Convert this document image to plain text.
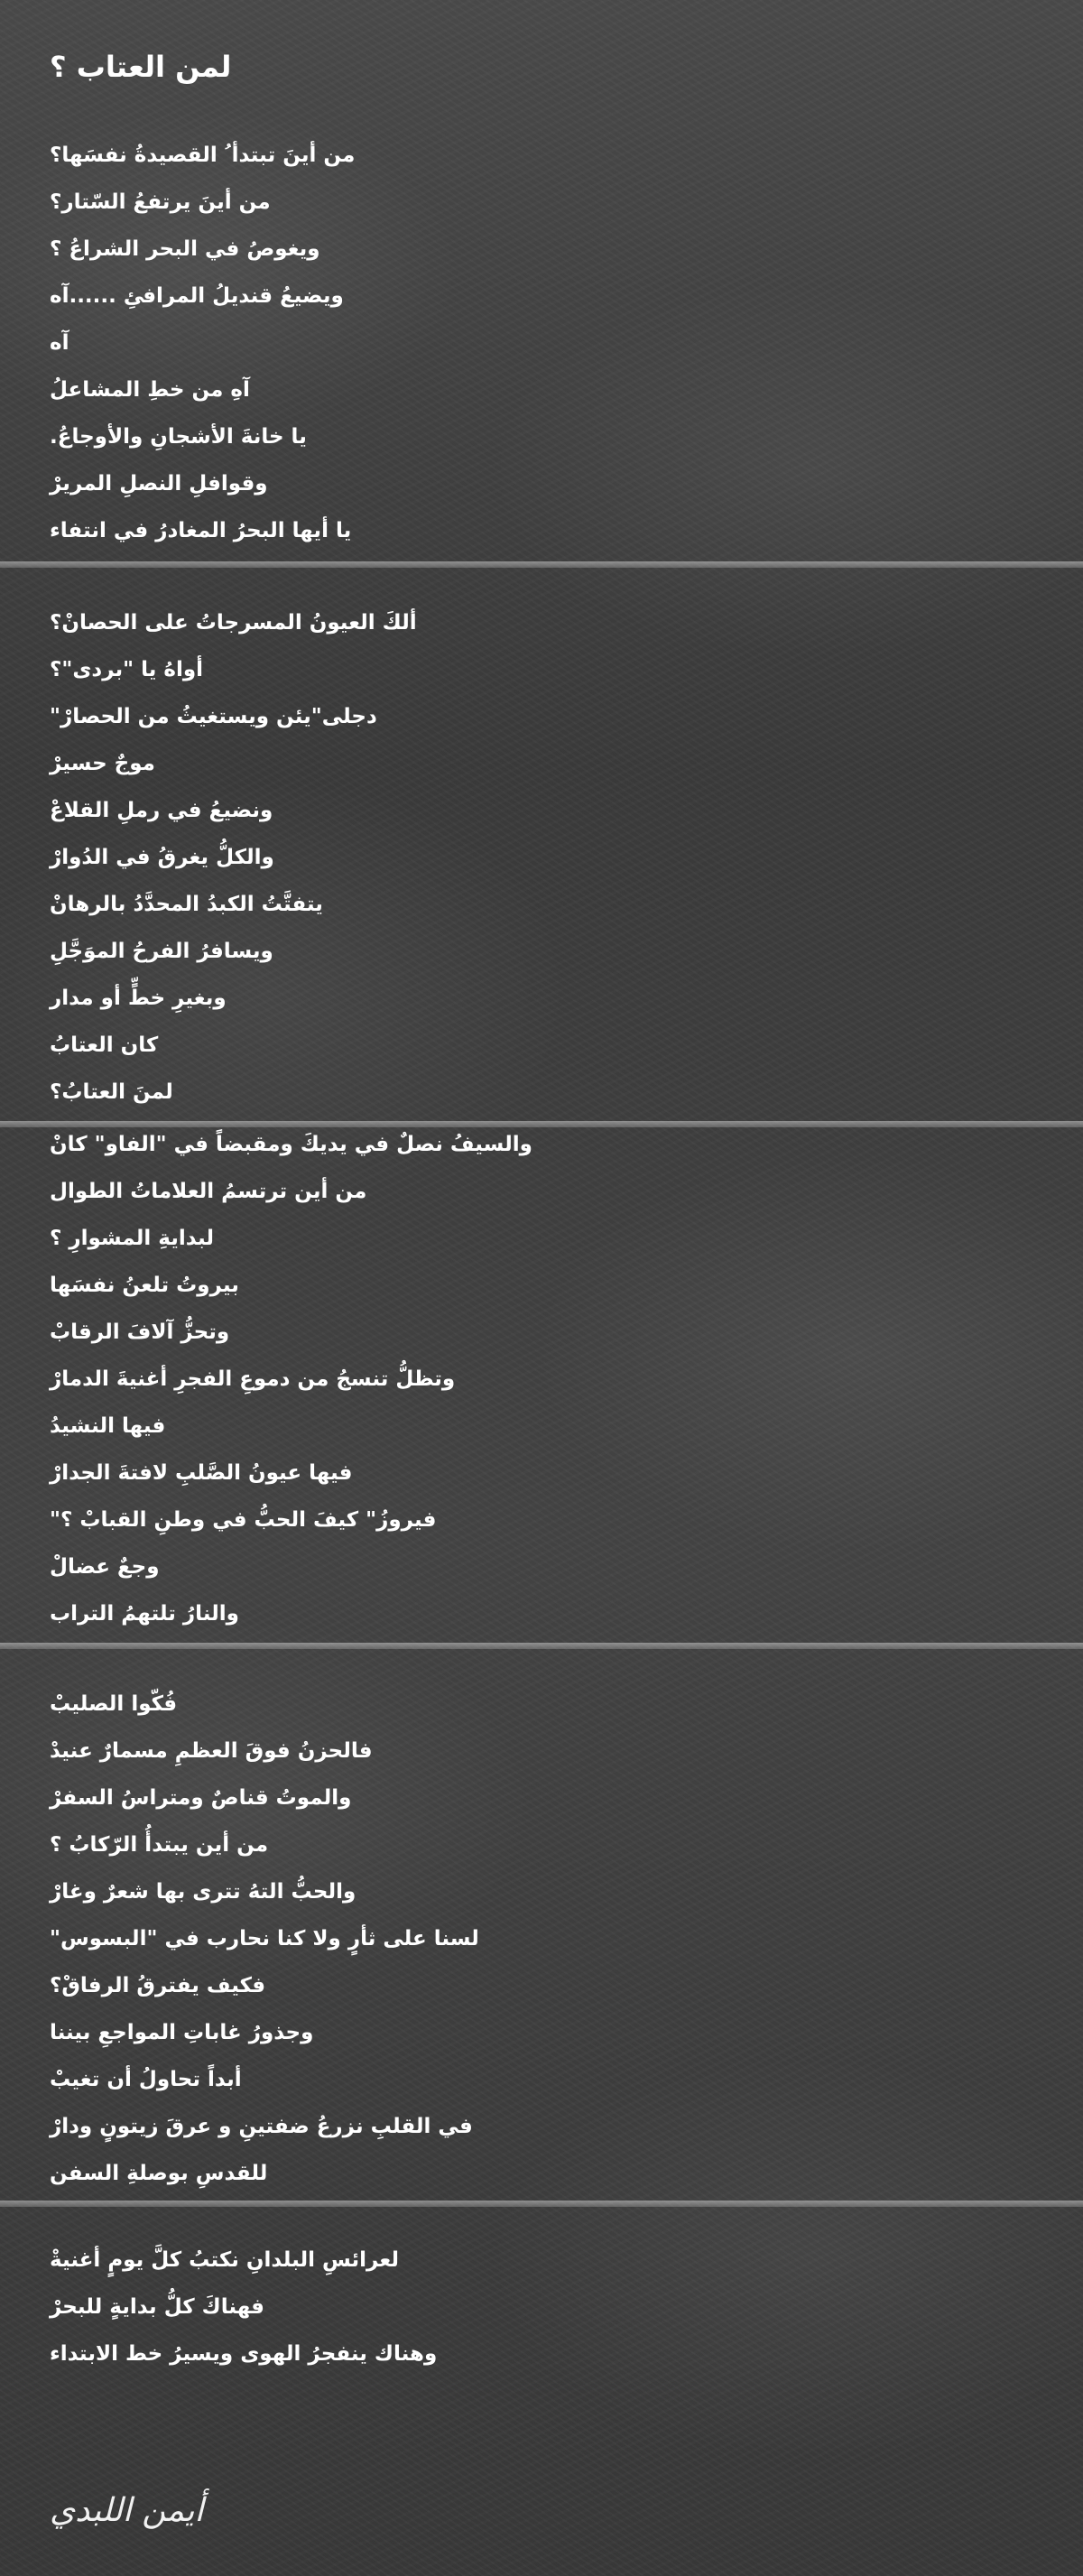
لمن العتاب ؟
من أينَ تبتدأ ُ القصيدةُ نفسَها؟
من أينَ يرتفعُ السّتار؟
ويغوصُ في البحر الشراعُ ؟
ويضيعُ قنديلُ المرافئِ ......آه
آه
آهِ من خطِ المشاعلُ
يا خانةَ الأشجانِ والأوجاعُ.
وقوافلِ النصلِ المريرْ
يا أيها البحرُ المغادرُ في انتفاء
ألكَ العيونُ المسرجاتُ على الحصانْ؟
أواهُ يا "بردى"؟
دجلى"يئن ويستغيثُ من الحصارْ"
موجٌ حسيرْ
ونضيعُ في رملِ القلاعْ
والكلُّ يغرقُ في الدُوارْ
يتفتَّتُ الكبدُ المحدَّدُ بالرهانْ
ويسافرُ الفرحُ الموَجَّلِ
وبغيرِ خطٍّ أو مدار
كان العتابُ
لمنَ العتابُ؟
والسيفُ نصلٌ في يديكَ ومقبضاً في "الفاو" كانْ
من أين ترتسمُ العلاماتُ الطوال
لبدايةِ المشوارِ ؟
بيروتُ تلعنُ نفسَها
وتحزُّ آلافَ الرقابْ
وتظلُّ تنسجُ من دموعِ الفجرِ أغنيةَ الدمارْ
فيها النشيدُ
فيها عيونُ الصَّلبِ لافتةَ الجدارْ
فيروزُ" كيفَ الحبُّ في وطنِ القبابْ ؟"
وجعٌ عضالْ
والنارُ تلتهمُ التراب
فُكّوا الصليبْ
فالحزنُ فوقَ العظمِ مسمارٌ عنيدْ
والموتُ قناصٌ ومتراسُ السفرْ
من أين يبتدأُ الرّكابُ ؟
والحبُّ التهُ تترى بها شعرٌ وغارْ
لسنا على ثأرٍ ولا كنا نحارب في "البسوس"
فكيف يفترقُ الرفاقْ؟
وجذورُ غاباتِ المواجعِ بيننا
أبداً تحاولُ أن تغيبْ
في القلبِ نزرعُ ضفتينِ و عرقَ زيتونٍ ودارْ
للقدسِ بوصلةِ السفن
لعرائسِ البلدانِ نكتبُ كلَّ يومٍ أغنيةْ
فهناكَ كلُّ بدايةٍ للبحرْ
وهناك ينفجرُ الهوى ويسيرُ خط الابتداء
أيمن اللبدي
